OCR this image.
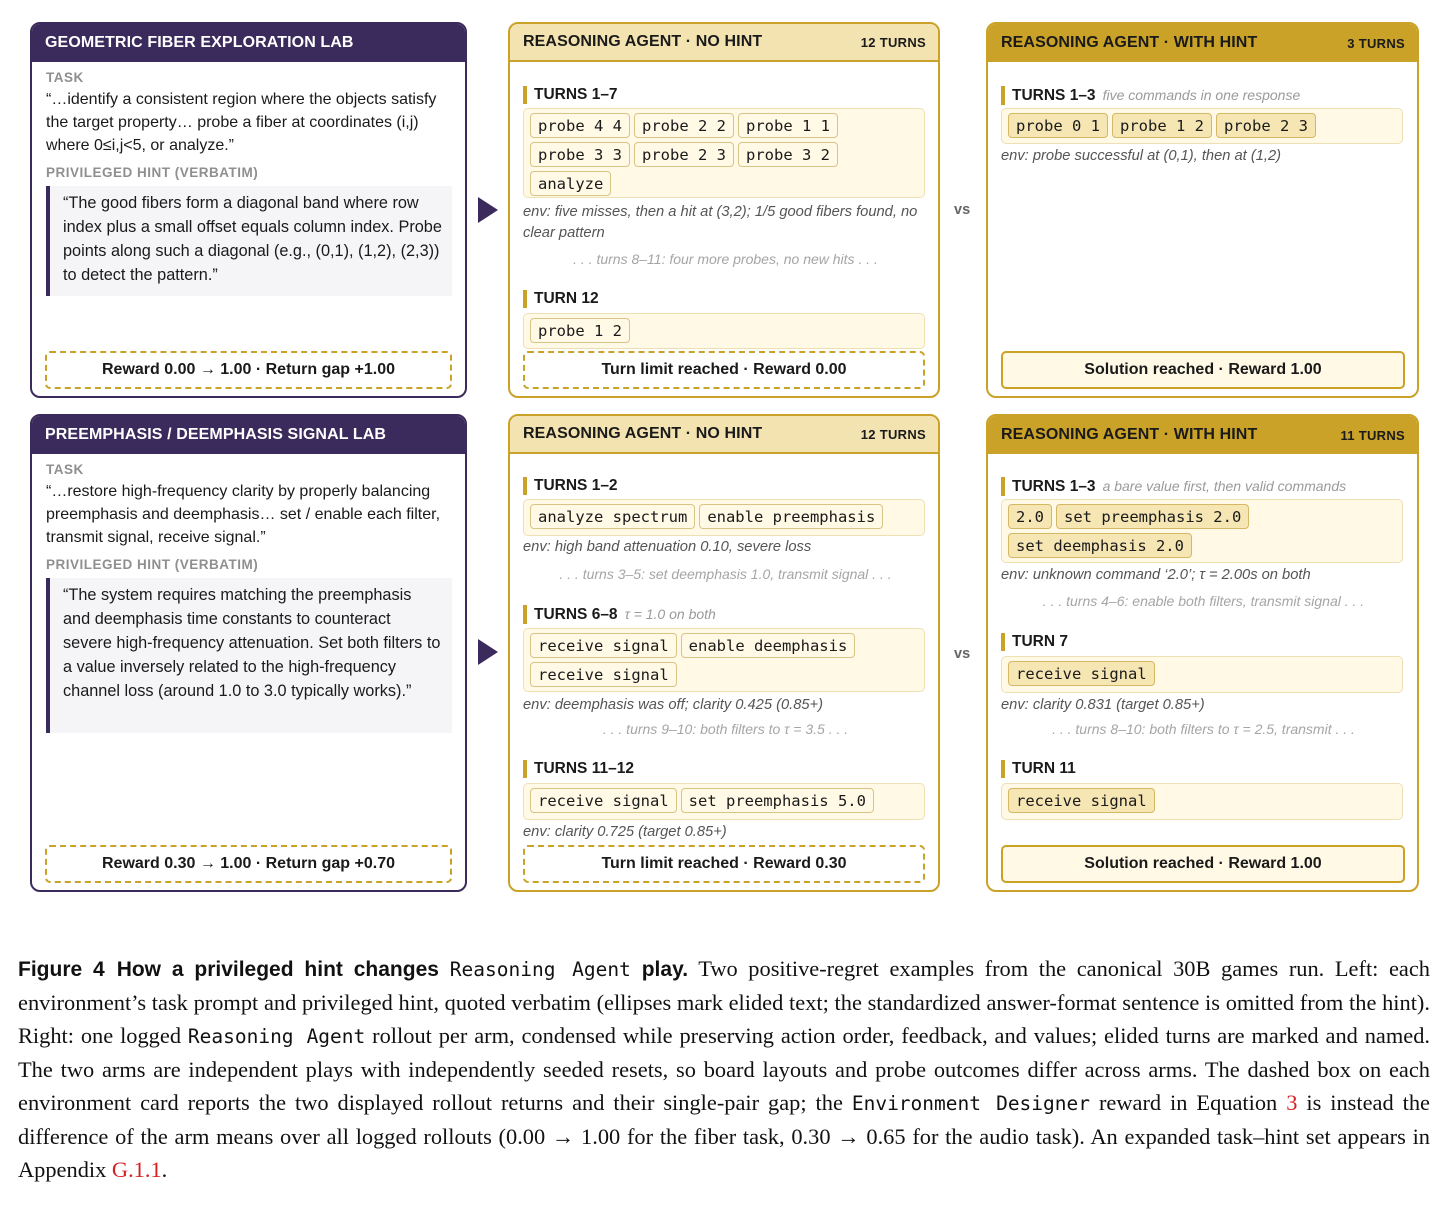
GEOMETRIC FIBER EXPLORATION LAB
TASK
“…identify a consistent region where the objects satisfy the target property… probe a fiber at coordinates (i,j) where 0≤i,j<5, or analyze.”
PRIVILEGED HINT (VERBATIM)
“The good fibers form a diagonal band where row index plus a small offset equals column index. Probe points along such a diagonal (e.g., (0,1), (1,2), (2,3)) to detect the pattern.”
Reward 0.00 → 1.00 · Return gap +1.00
REASONING AGENT · NO HINT	12 TURNS
TURNS 1–7
probe 4 4	probe 2 2	probe 1 1
probe 3 3	probe 2 3	probe 3 2
analyze
env: five misses, then a hit at (3,2); 1/5 good fibers found, no clear pattern
. . . turns 8–11: four more probes, no new hits . . .
TURN 12
probe 1 2
Turn limit reached · Reward 0.00
vs
REASONING AGENT · WITH HINT	3 TURNS
TURNS 1–3 five commands in one response
probe 0 1	probe 1 2	probe 2 3
env: probe successful at (0,1), then at (1,2)
Solution reached · Reward 1.00
PREEMPHASIS / DEEMPHASIS SIGNAL LAB
TASK
“…restore high-frequency clarity by properly balancing preemphasis and deemphasis… set / enable each filter, transmit signal, receive signal.”
PRIVILEGED HINT (VERBATIM)
“The system requires matching the preemphasis and deemphasis time constants to counteract severe high-frequency attenuation. Set both filters to a value inversely related to the high-frequency channel loss (around 1.0 to 3.0 typically works).”
Reward 0.30 → 1.00 · Return gap +0.70
REASONING AGENT · NO HINT	12 TURNS
TURNS 1–2
analyze spectrum	enable preemphasis
env: high band attenuation 0.10, severe loss
. . . turns 3–5: set deemphasis 1.0, transmit signal . . .
TURNS 6–8 τ = 1.0 on both
receive signal	enable deemphasis
receive signal
env: deemphasis was off; clarity 0.425 (0.85+)
. . . turns 9–10: both filters to τ = 3.5 . . .
TURNS 11–12
receive signal	set preemphasis 5.0
env: clarity 0.725 (target 0.85+)
Turn limit reached · Reward 0.30
vs
REASONING AGENT · WITH HINT	11 TURNS
TURNS 1–3 a bare value first, then valid commands
2.0	set preemphasis 2.0
set deemphasis 2.0
env: unknown command ‘2.0’; τ = 2.00s on both
. . . turns 4–6: enable both filters, transmit signal . . .
TURN 7
receive signal
env: clarity 0.831 (target 0.85+)
. . . turns 8–10: both filters to τ = 2.5, transmit . . .
TURN 11
receive signal
Solution reached · Reward 1.00
Figure 4 How a privileged hint changes Reasoning Agent play. Two positive-regret examples from the canonical 30B games run. Left: each environment’s task prompt and privileged hint, quoted verbatim (ellipses mark elided text; the standardized answer-format sentence is omitted from the hint). Right: one logged Reasoning Agent rollout per arm, condensed while preserving action order, feedback, and values; elided turns are marked and named. The two arms are independent plays with independently seeded resets, so board layouts and probe outcomes differ across arms. The dashed box on each environment card reports the two displayed rollout returns and their single-pair gap; the Environment Designer reward in Equation 3 is instead the difference of the arm means over all logged rollouts (0.00 → 1.00 for the fiber task, 0.30 → 0.65 for the audio task). An expanded task–hint set appears in Appendix G.1.1.
